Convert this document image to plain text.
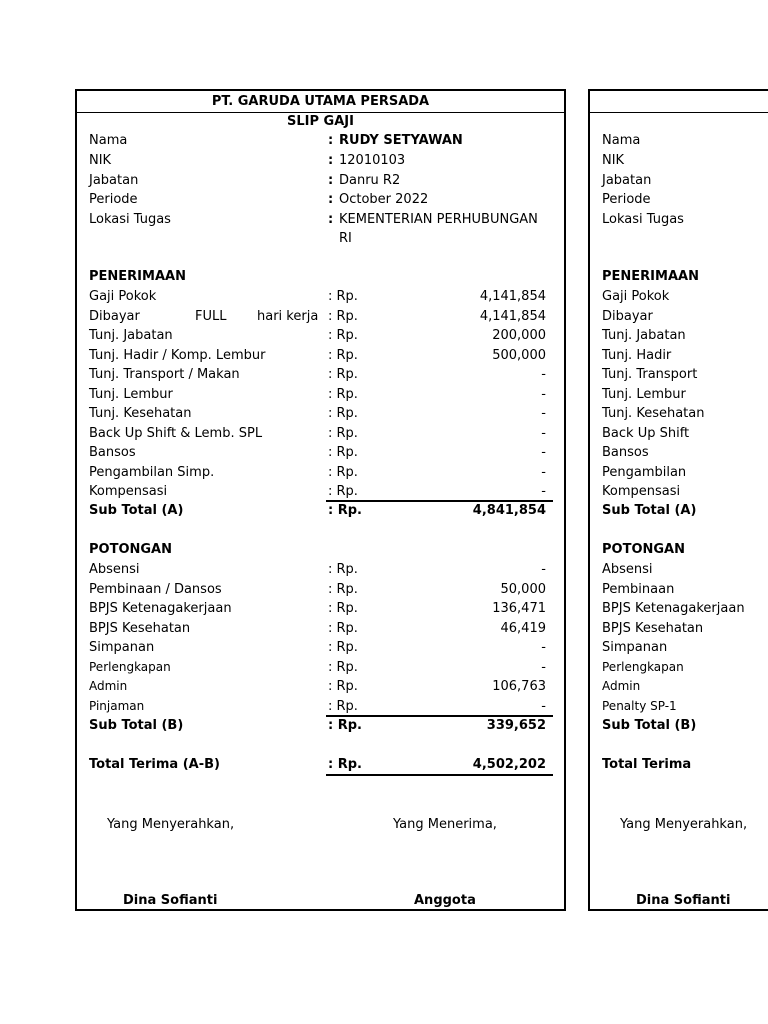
PT. GARUDA UTAMA PERSADA
SLIP GAJI
Nama	: RUDY SETYAWAN
NIK	: 12010103
Jabatan	: Danru R2
Periode	: October 2022
Lokasi Tugas	: KEMENTERIAN PERHUBUNGAN
RI
PENERIMAAN
Gaji Pokok	: Rp.	4,141,854
Dibayar	FULL hari kerja : Rp.	4,141,854
Tunj. Jabatan	: Rp.	200,000
Tunj. Hadir / Komp. Lembur	: Rp.	500,000
Tunj. Transport / Makan	: Rp.	-
Tunj. Lembur	: Rp.	-
Tunj. Kesehatan	: Rp.	-
Back Up Shift & Lemb. SPL	: Rp.	-
Bansos	: Rp.	-
Pengambilan Simp.	: Rp.	-
Kompensasi	: Rp.	-
Sub Total (A)	: Rp.	4,841,854
POTONGAN
Absensi	: Rp.	-
Pembinaan / Dansos	: Rp.	50,000
BPJS Ketenagakerjaan	: Rp.	136,471
BPJS Kesehatan	: Rp.	46,419
Simpanan	: Rp.	-
Perlengkapan	: Rp.	-
Admin	: Rp.	106,763
Pinjaman	: Rp.	-
Sub Total (B)	: Rp.	339,652
Total Terima (A-B)	: Rp.	4,502,202
Yang Menyerahkan,	Yang Menerima,
Dina Sofianti	Anggota
Nama
NIK
Jabatan
Periode
Lokasi Tugas
PENERIMAAN
Gaji Pokok
Dibayar
Tunj. Jabatan
Tunj. Hadir
Tunj. Transport
Tunj. Lembur
Tunj. Kesehatan
Back Up Shift
Bansos
Pengambilan
Kompensasi
Sub Total (A)
POTONGAN
Absensi
Pembinaan
BPJS Ketenagakerjaan
BPJS Kesehatan
Simpanan
Perlengkapan
Admin
Penalty SP-1
Sub Total (B)
Total Terima
Yang Menyerahkan,
Dina Sofianti
